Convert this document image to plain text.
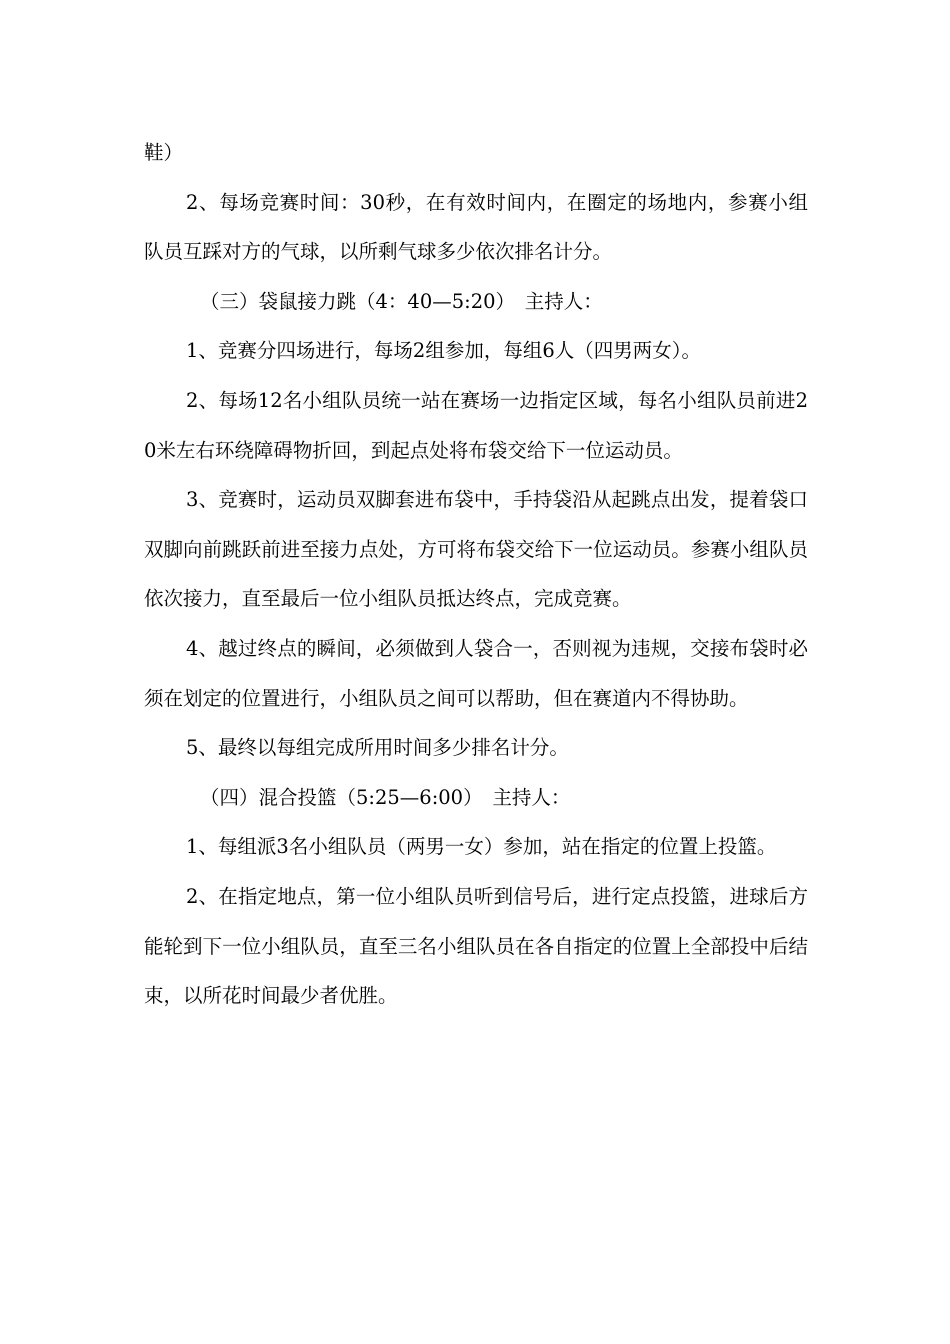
鞋）

2、每场竞赛时间：30秒，在有效时间内，在圈定的场地内，参赛小组队员互踩对方的气球，以所剩气球多少依次排名计分。

（三）袋鼠接力跳（4：40—5:20）　主持人：

1、竞赛分四场进行，每场2组参加，每组6人（四男两女）。

2、每场12名小组队员统一站在赛场一边指定区域，每名小组队员前进20米左右环绕障碍物折回，到起点处将布袋交给下一位运动员。

3、竞赛时，运动员双脚套进布袋中，手持袋沿从起跳点出发，提着袋口双脚向前跳跃前进至接力点处，方可将布袋交给下一位运动员。参赛小组队员依次接力，直至最后一位小组队员抵达终点，完成竞赛。

4、越过终点的瞬间，必须做到人袋合一，否则视为违规，交接布袋时必须在划定的位置进行，小组队员之间可以帮助，但在赛道内不得协助。

5、最终以每组完成所用时间多少排名计分。

（四）混合投篮（5:25—6:00）　主持人：

1、每组派3名小组队员（两男一女）参加，站在指定的位置上投篮。

2、在指定地点，第一位小组队员听到信号后，进行定点投篮，进球后方能轮到下一位小组队员，直至三名小组队员在各自指定的位置上全部投中后结束，以所花时间最少者优胜。
